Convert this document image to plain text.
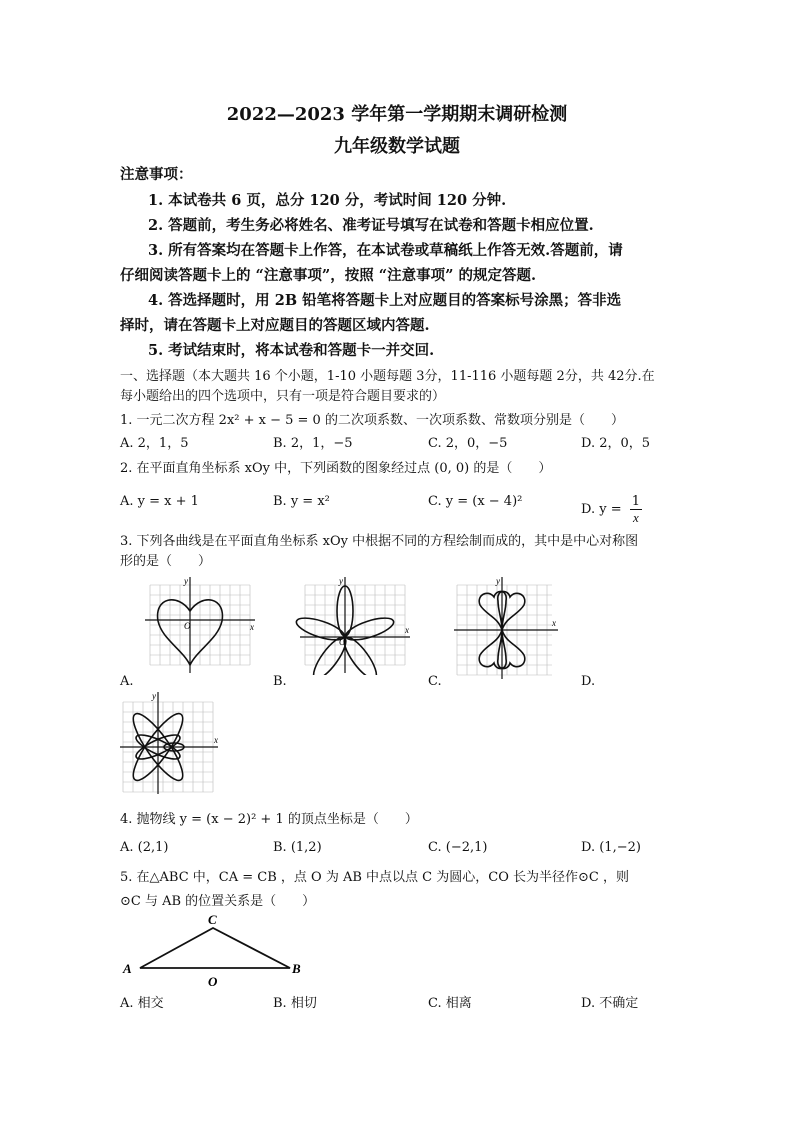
2022—2023 学年第一学期期末调研检测
九年级数学试题
注意事项：
1. 本试卷共 6 页，总分 120 分，考试时间 120 分钟.
2. 答题前，考生务必将姓名、准考证号填写在试卷和答题卡相应位置.
3. 所有答案均在答题卡上作答，在本试卷或草稿纸上作答无效.答题前，请
仔细阅读答题卡上的 “注意事项”，按照 “注意事项” 的规定答题.
4. 答选择题时，用 2B 铅笔将答题卡上对应题目的答案标号涂黑；答非选
择时，请在答题卡上对应题目的答题区域内答题.
5. 考试结束时，将本试卷和答题卡一并交回.
一、选择题（本大题共 16 个小题，1-10 小题每题 3分，11-116 小题每题 2分，共 42分.在
每小题给出的四个选项中，只有一项是符合题目要求的）
1. 一元二次方程 2x² + x − 5 = 0 的二次项系数、一次项系数、常数项分别是（　　）
A. 2，1，5	B. 2，1，−5	C. 2，0，−5	D. 2，0，5
2. 在平面直角坐标系 xOy 中，下列函数的图象经过点 (0, 0) 的是（　　）
A. y = x + 1	B. y = x²	C. y = (x − 4)²
D. $y = \frac{1}{x}$
3. 下列各曲线是在平面直角坐标系 xOy 中根据不同的方程绘制而成的，其中是中心对称图
形的是（　　）
x
y
O	x
y
O
x
y
A.	B.	C.	D.
x
y
4. 抛物线 y = (x − 2)² + 1 的顶点坐标是（　　）
A. (2,1)	B. (1,2)	C. (−2,1)	D. (1,−2)
5. 在△ABC 中，CA = CB ，点 O 为 AB 中点以点 C 为圆心，CO 长为半径作⊙C ，则
⊙C 与 AB 的位置关系是（　　）
A
C
B
O
A. 相交	B. 相切	C. 相离	D. 不确定
